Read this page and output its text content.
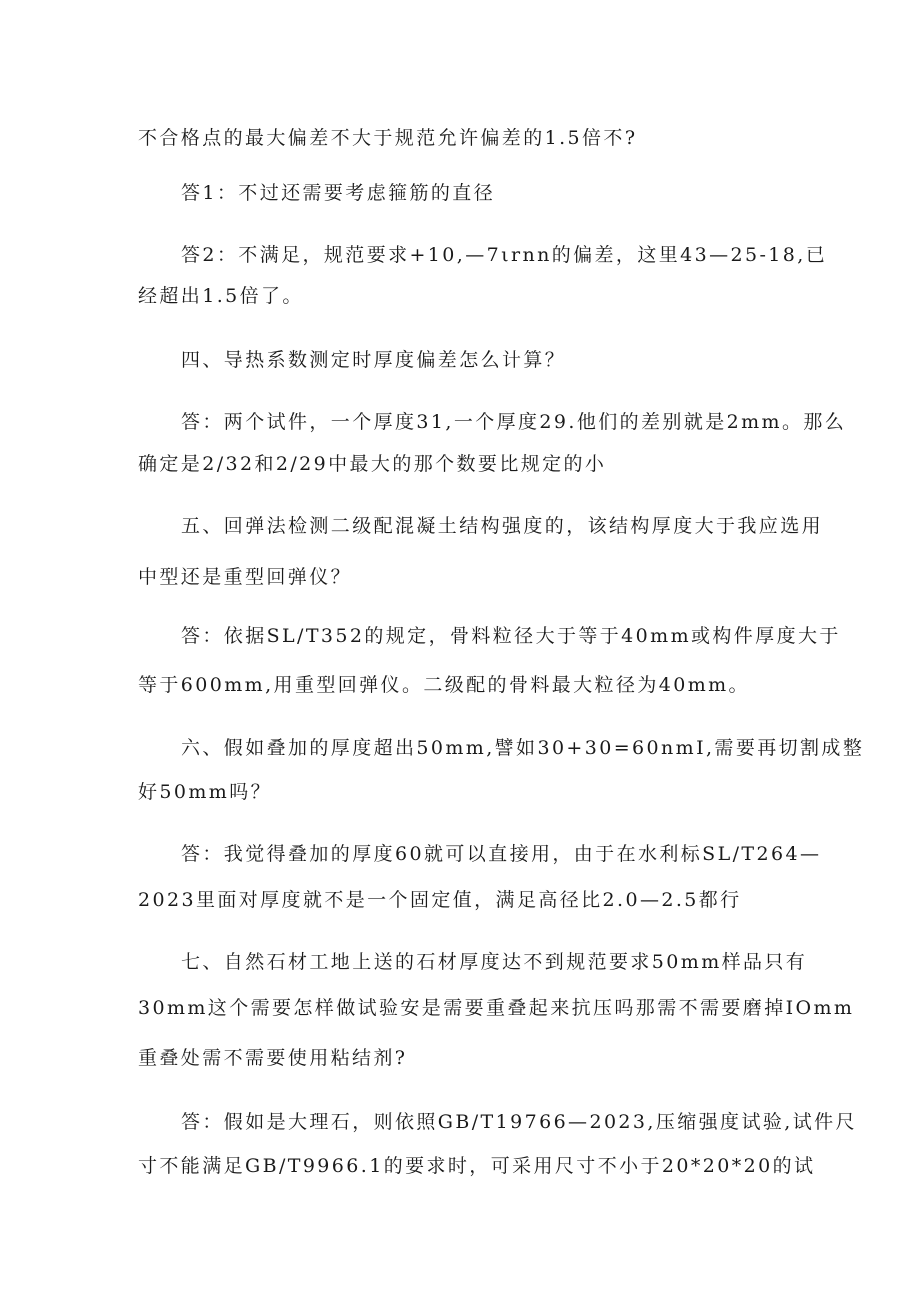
不合格点的最大偏差不大于规范允许偏差的1.5倍不?
答1：不过还需要考虑箍筋的直径
答2：不满足，规范要求+10,—7ιrnn的偏差，这里43—25-18,已
经超出1.5倍了。
四、导热系数测定时厚度偏差怎么计算？
答：两个试件，一个厚度31,一个厚度29.他们的差别就是2mm。那么
确定是2/32和2/29中最大的那个数要比规定的小
五、回弹法检测二级配混凝土结构强度的，该结构厚度大于我应选用
中型还是重型回弹仪？
答：依据SL/T352的规定，骨料粒径大于等于40mm或构件厚度大于
等于600mm,用重型回弹仪。二级配的骨料最大粒径为40mm。
六、假如叠加的厚度超出50mm,譬如30+30=60nmI,需要再切割成整
好50mm吗？
答：我觉得叠加的厚度60就可以直接用，由于在水利标SL/T264—
2023里面对厚度就不是一个固定值，满足高径比2.0—2.5都行
七、自然石材工地上送的石材厚度达不到规范要求50mm样品只有
30mm这个需要怎样做试验安是需要重叠起来抗压吗那需不需要磨掉IOmm
重叠处需不需要使用粘结剂?
答：假如是大理石，则依照GB/T19766—2023,压缩强度试验,试件尺
寸不能满足GB/T9966.1的要求时，可采用尺寸不小于20*20*20的试
